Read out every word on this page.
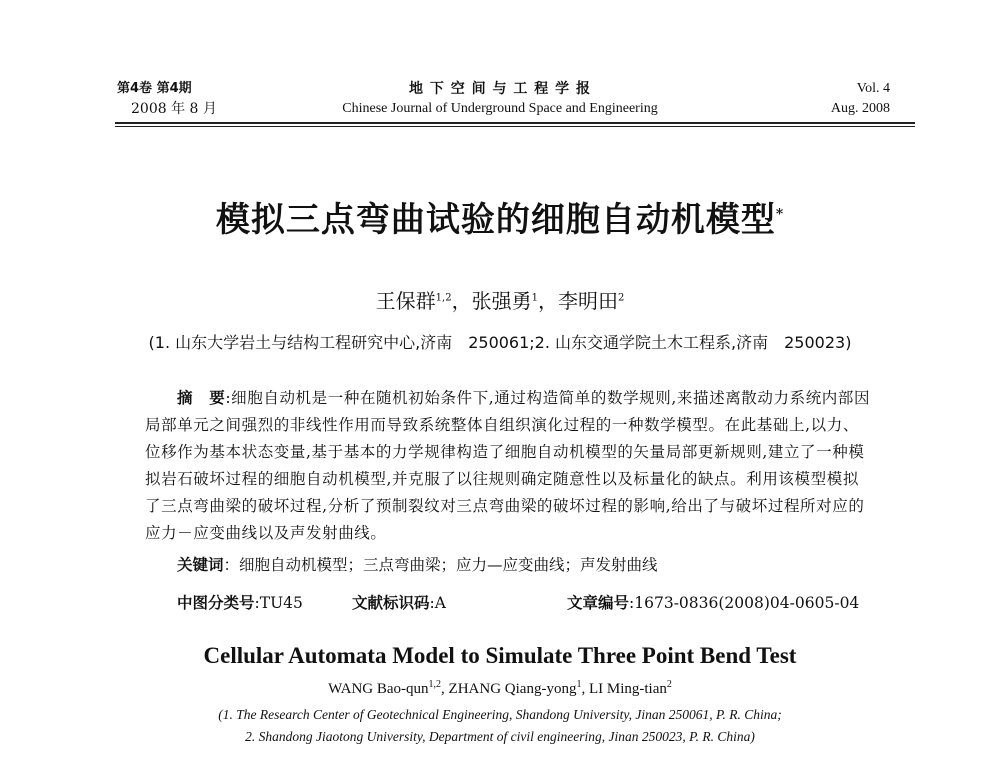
第4卷 第4期
2008 年 8 月
地 下 空 间 与 工 程 学 报
Chinese Journal of Underground Space and Engineering
Vol. 4
Aug. 2008
模拟三点弯曲试验的细胞自动机模型*
王保群$^{1,2}$，张强勇$^1$，李明田$^2$
(1. 山东大学岩土与结构工程研究中心,济南　250061;2. 山东交通学院土木工程系,济南　250023)
摘　要:细胞自动机是一种在随机初始条件下,通过构造简单的数学规则,来描述离散动力系统内部因局部单元之间强烈的非线性作用而导致系统整体自组织演化过程的一种数学模型。在此基础上,以力、位移作为基本状态变量,基于基本的力学规律构造了细胞自动机模型的矢量局部更新规则,建立了一种模拟岩石破坏过程的细胞自动机模型,并克服了以往规则确定随意性以及标量化的缺点。利用该模型模拟了三点弯曲梁的破坏过程,分析了预制裂纹对三点弯曲梁的破坏过程的影响,给出了与破坏过程所对应的应力－应变曲线以及声发射曲线。
关键词：细胞自动机模型；三点弯曲梁；应力—应变曲线；声发射曲线
中图分类号:TU45	文献标识码:A	文章编号:1673-0836(2008)04-0605-04
Cellular Automata Model to Simulate Three Point Bend Test
WANG Bao-qun$^{1,2}$, ZHANG Qiang-yong$^1$, LI Ming-tian$^2$
(1. The Research Center of Geotechnical Engineering, Shandong University, Jinan 250061, P. R. China;
2. Shandong Jiaotong University, Department of civil engineering, Jinan 250023, P. R. China)
